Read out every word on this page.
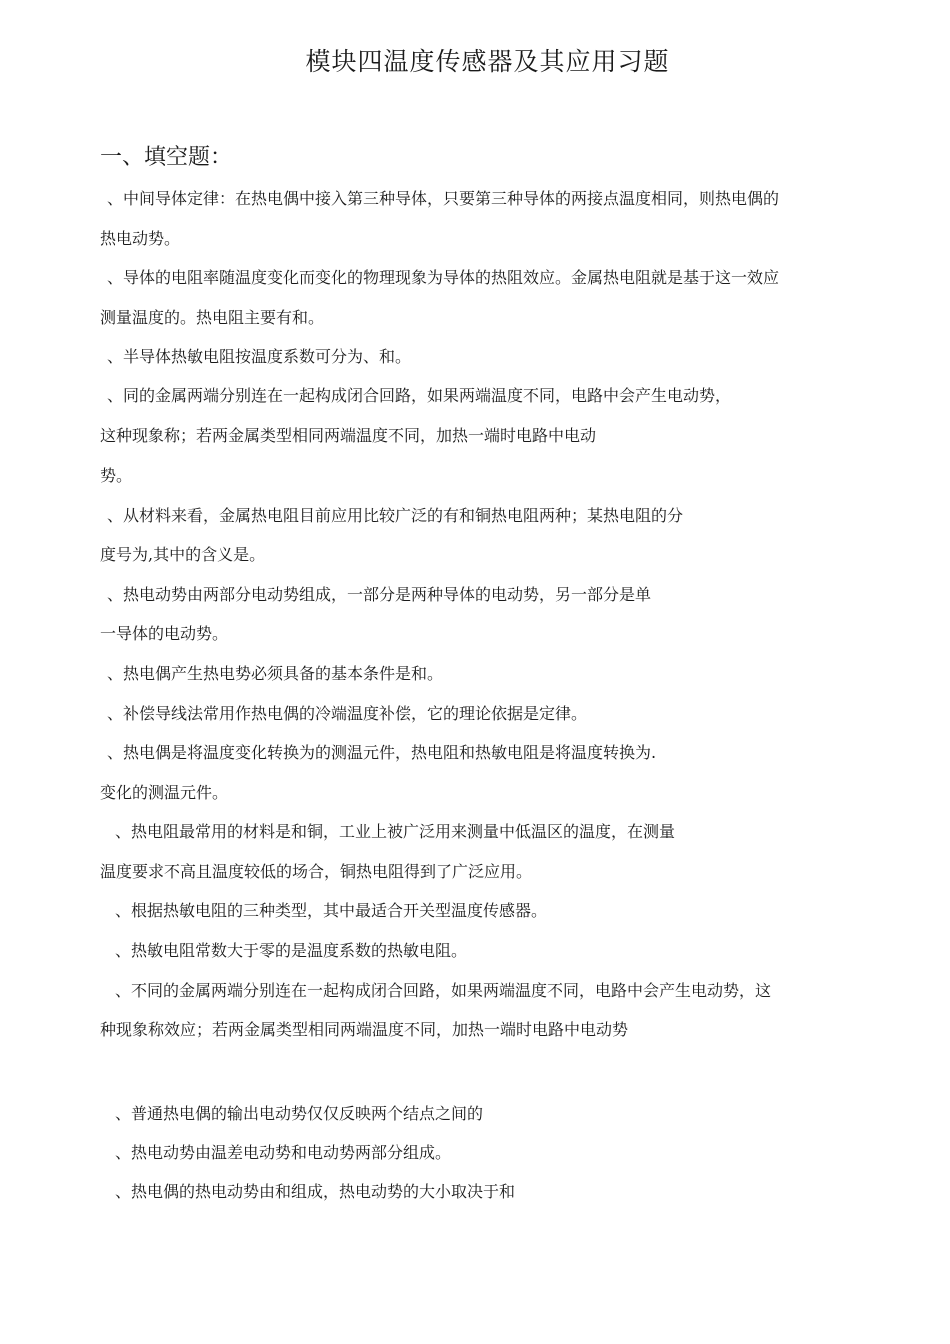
模块四温度传感器及其应用习题
一、填空题：
、中间导体定律：在热电偶中接入第三种导体，只要第三种导体的两接点温度相同，则热电偶的
热电动势。
、导体的电阻率随温度变化而变化的物理现象为导体的热阻效应。金属热电阻就是基于这一效应
测量温度的。热电阻主要有和。
、半导体热敏电阻按温度系数可分为、和。
、同的金属两端分别连在一起构成闭合回路，如果两端温度不同，电路中会产生电动势，
这种现象称；若两金属类型相同两端温度不同，加热一端时电路中电动
势。
、从材料来看，金属热电阻目前应用比较广泛的有和铜热电阻两种；某热电阻的分
度号为,其中的含义是。
、热电动势由两部分电动势组成，一部分是两种导体的电动势，另一部分是单
一导体的电动势。
、热电偶产生热电势必须具备的基本条件是和。
、补偿导线法常用作热电偶的冷端温度补偿，它的理论依据是定律。
、热电偶是将温度变化转换为的测温元件，热电阻和热敏电阻是将温度转换为.
变化的测温元件。
、热电阻最常用的材料是和铜，工业上被广泛用来测量中低温区的温度，在测量
温度要求不高且温度较低的场合，铜热电阻得到了广泛应用。
、根据热敏电阻的三种类型，其中最适合开关型温度传感器。
、热敏电阻常数大于零的是温度系数的热敏电阻。
、不同的金属两端分别连在一起构成闭合回路，如果两端温度不同，电路中会产生电动势，这
种现象称效应；若两金属类型相同两端温度不同，加热一端时电路中电动势
、普通热电偶的输出电动势仅仅反映两个结点之间的
、热电动势由温差电动势和电动势两部分组成。
、热电偶的热电动势由和组成，热电动势的大小取决于和
